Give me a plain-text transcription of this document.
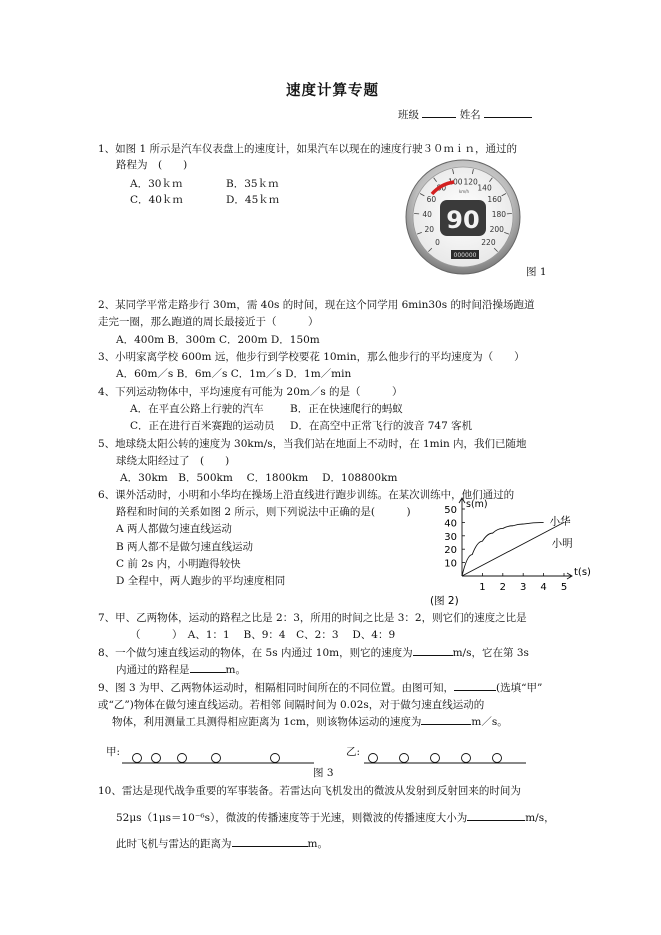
速度计算专题
班级	姓名
1、如图 1 所示是汽车仪表盘上的速度计，如果汽车以现在的速度行驶３０ｍｉｎ，通过的
路程为　(　　)
A．30ｋｍ	B．35ｋｍ
C．40ｋｍ	D．45ｋｍ
0
20
40
60
80
100 120
140
160
180
200
220
90
km/h
000000
图 1
2、某同学平常走路步行 30m，需 40s 的时间，现在这个同学用 6min30s 的时间沿操场跑道
走完一圈，那么跑道的周长最接近于（　　　）
A．400m B．300m C．200m D．150m
3、小明家离学校 600m 远，他步行到学校要花 10min，那么他步行的平均速度为（　　）
A．60m／s B．6m／s C．1m／s D．1m／min
4、下列运动物体中，平均速度有可能为 20m／s 的是（　　　）
A．在平直公路上行驶的汽车	B．正在快速爬行的蚂蚁
C．正在进行百米赛跑的运动员 D．在高空中正常飞行的波音 747 客机
5、地球绕太阳公转的速度为 30km/s，当我们站在地面上不动时，在 1min 内，我们已随地
球绕太阳经过了　(　　)
A．30km　B．500km　 C．1800km　 D．108800km
6、课外活动时，小明和小华均在操场上沿直线进行跑步训练。在某次训练中，他们通过的
路程和时间的关系如图 2 所示，则下列说法中正确的是(　　　)
A 两人都做匀速直线运动
B 两人都不是做匀速直线运动
C 前 2s 内，小明跑得较快
D 全程中，两人跑步的平均速度相同
1 2 3 4 5
10
20
30
40
50
s(m)
t(s)
(图 2)
小华
小明
7、甲、乙两物体，运动的路程之比是 2：3，所用的时间之比是 3：2，则它们的速度之比是
（　　　）　A、1：1　 B、9：4　C、2：3　 D、4：9
8、一个做匀速直线运动的物体，在 5s 内通过 10m，则它的速度为	m/s，它在第 3s
内通过的路程是	m。
9、图 3 为甲、乙两物体运动时，相隔相同时间所在的不同位置。由图可知，	(选填“甲”
或“乙”)物体在做匀速直线运动。若相邻 间隔时间为 0.02s，对于做匀速直线运动的
物体，利用测量工具测得相应距离为 1cm，则该物体运动的速度为	m／s。
甲:	乙:
图 3
10、雷达是现代战争重要的军事装备。若雷达向飞机发出的微波从发射到反射回来的时间为
52μs（1μs＝10⁻⁶s），微波的传播速度等于光速，则微波的传播速度大小为	m/s，
此时飞机与雷达的距离为	m。
